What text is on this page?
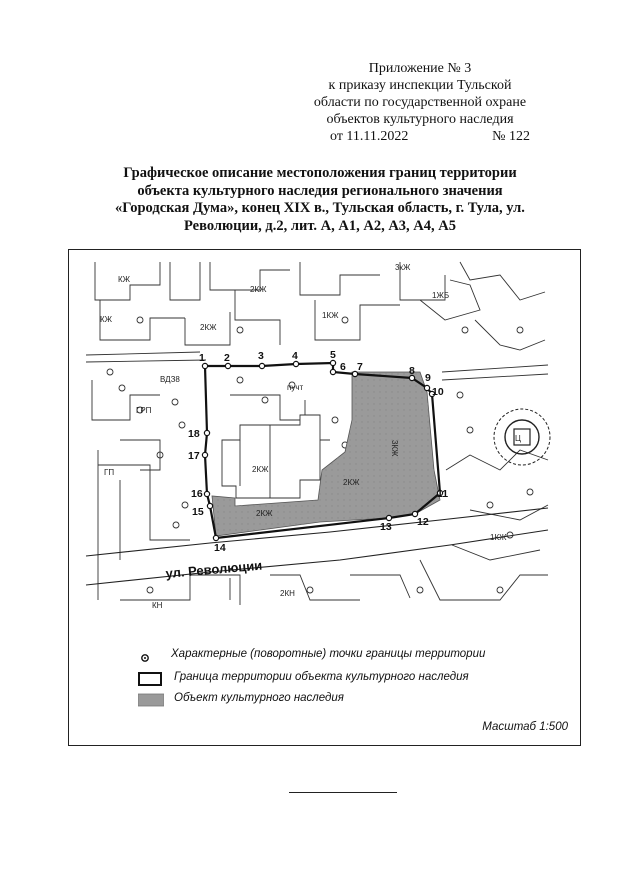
Приложение № 3
к приказу инспекции Тульской
области по государственной охране
объектов культурного наследия
от 11.11.2022	№ 122
Графическое описание местоположения границ территории
объекта культурного наследия регионального значения
«Городская Дума», конец XIX в., Тульская область, г. Тула, ул.
Революции, д.2, лит. А, А1, А2, А3, А4, А5
1 2	3	4	5
6 7	8
9
10
11
12
13
14
15
16
17
18
2КЖ
3КЖ
2КЖ
3кЖ
2КЖ
2КЖ
КЖ
КН
КЖ
2КН
1КЖ
1ЖБ
1КЖ
2КЖ
ВДЗ8
пучт
ГРП
ГП
Ц
ул. Революции
Характерные (поворотные) точки границы территории
Граница территории объекта культурного наследия
Объект культурного наследия
Масштаб 1:500
